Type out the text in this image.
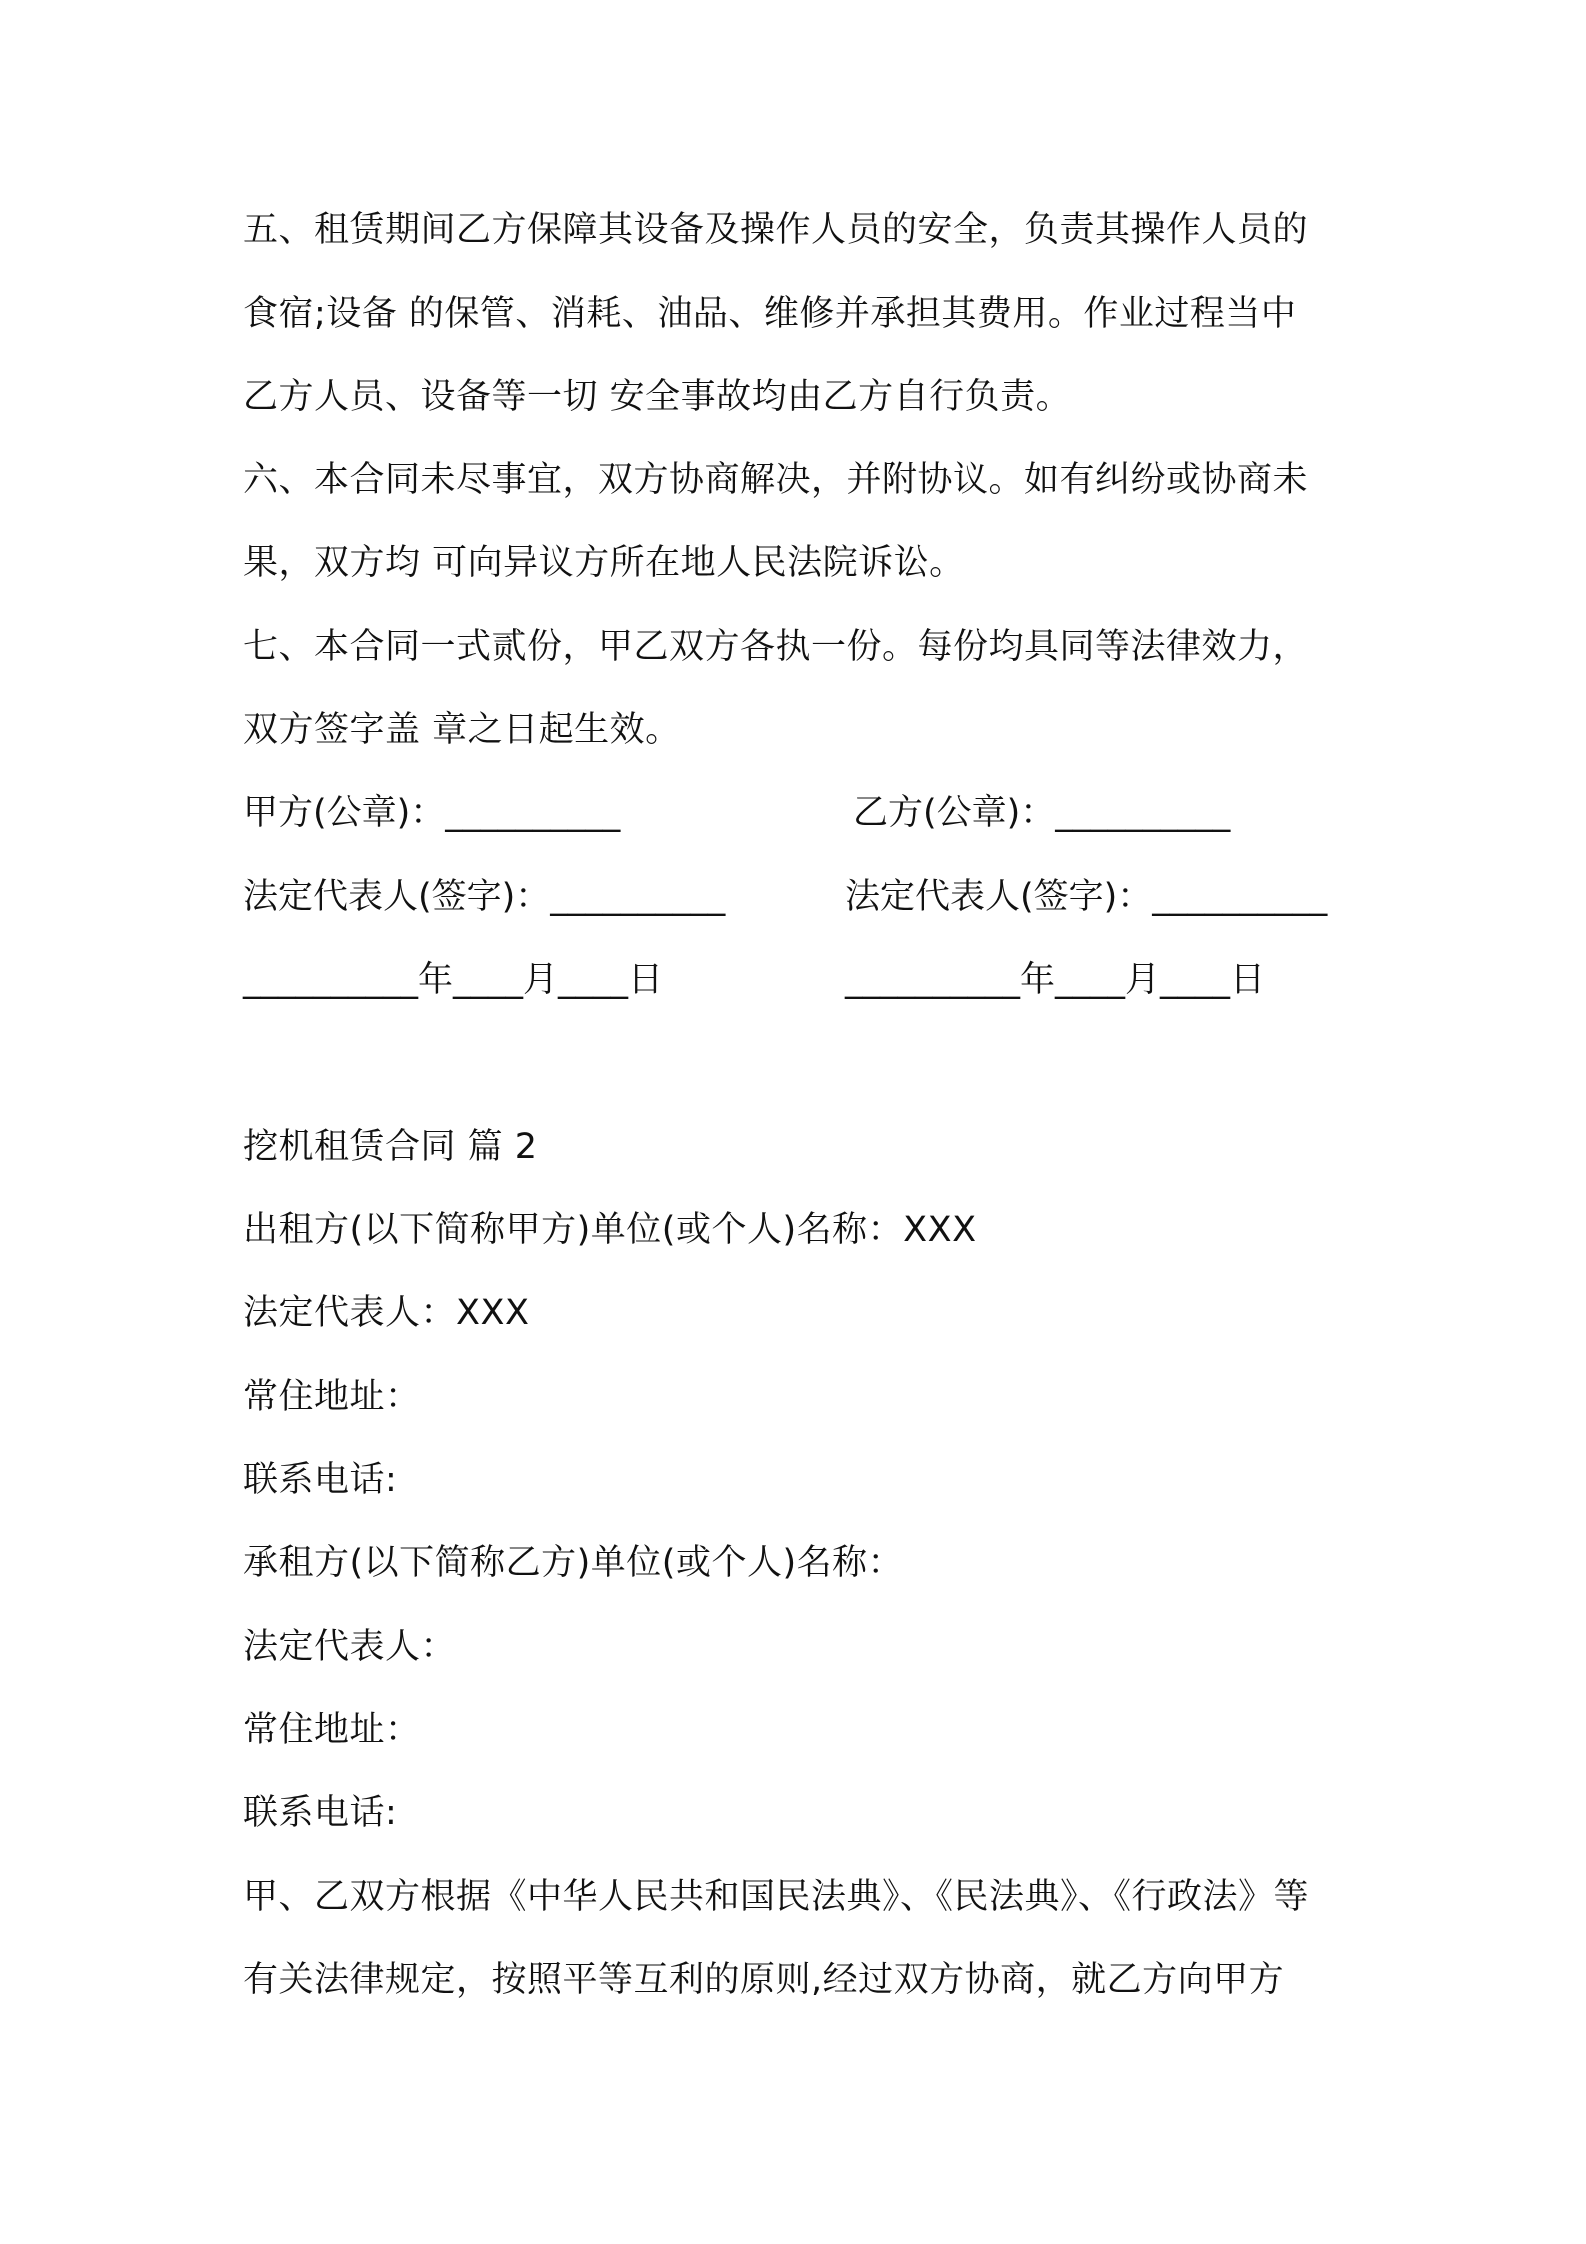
五、租赁期间乙方保障其设备及操作人员的安全，负责其操作人员的
食宿;设备 的保管、消耗、油品、维修并承担其费用。作业过程当中
乙方人员、设备等一切 安全事故均由乙方自行负责。
六、本合同未尽事宜，双方协商解决，并附协议。如有纠纷或协商未
果，双方均 可向异议方所在地人民法院诉讼。
七、本合同一式贰份，甲乙双方各执一份。每份均具同等法律效力，
双方签字盖 章之日起生效。
甲方(公章)：__________	乙方(公章)：__________
法定代表人(签字)：__________	法定代表人(签字)：__________
__________年____月____日	__________年____月____日
挖机租赁合同 篇 2
出租方(以下简称甲方)单位(或个人)名称：XXX
法定代表人：XXX
常住地址：
联系电话:
承租方(以下简称乙方)单位(或个人)名称：
法定代表人：
常住地址：
联系电话:
甲、乙双方根据《中华人民共和国民法典》、《民法典》、《行政法》等
有关法律规定，按照平等互利的原则,经过双方协商，就乙方向甲方
